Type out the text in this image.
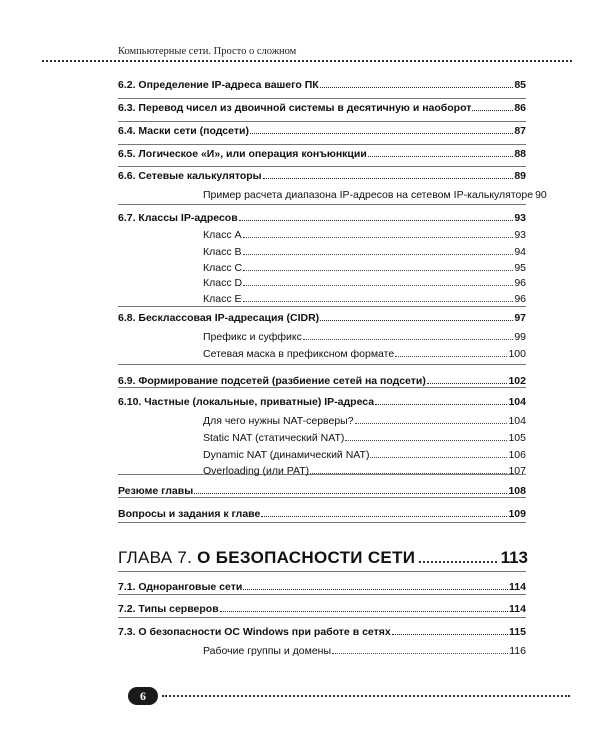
Компьютерные сети. Просто о сложном
6.2. Определение IP-адреса вашего ПК	85
6.3. Перевод чисел из двоичной системы в десятичную и наоборот	86
6.4. Маски сети (подсети)	87
6.5. Логическое «И», или операция конъюнкции	88
6.6. Сетевые калькуляторы	89
Пример расчета диапазона IP-адресов на сетевом IP-калькуляторе 90
6.7. Классы IP-адресов	93
Класс A	93
Класс B	94
Класс C	95
Класс D	96
Класс E	96
6.8. Бесклассовая IP-адресация (CIDR)	97
Префикс и суффикс	99
Сетевая маска в префиксном формате	100
6.9. Формирование подсетей (разбиение сетей на подсети)	102
6.10. Частные (локальные, приватные) IP-адреса	104
Для чего нужны NAT-серверы?	104
Static NAT (статический NAT)	105
Dynamic NAT (динамический NAT)	106
Overloading (или PAT)	107
Резюме главы	108
Вопросы и задания к главе	109
ГЛАВА 7. О БЕЗОПАСНОСТИ СЕТИ	113
7.1. Одноранговые сети	114
7.2. Типы серверов	114
7.3. О безопасности ОС Windows при работе в сетях	115
Рабочие группы и домены	116
6
